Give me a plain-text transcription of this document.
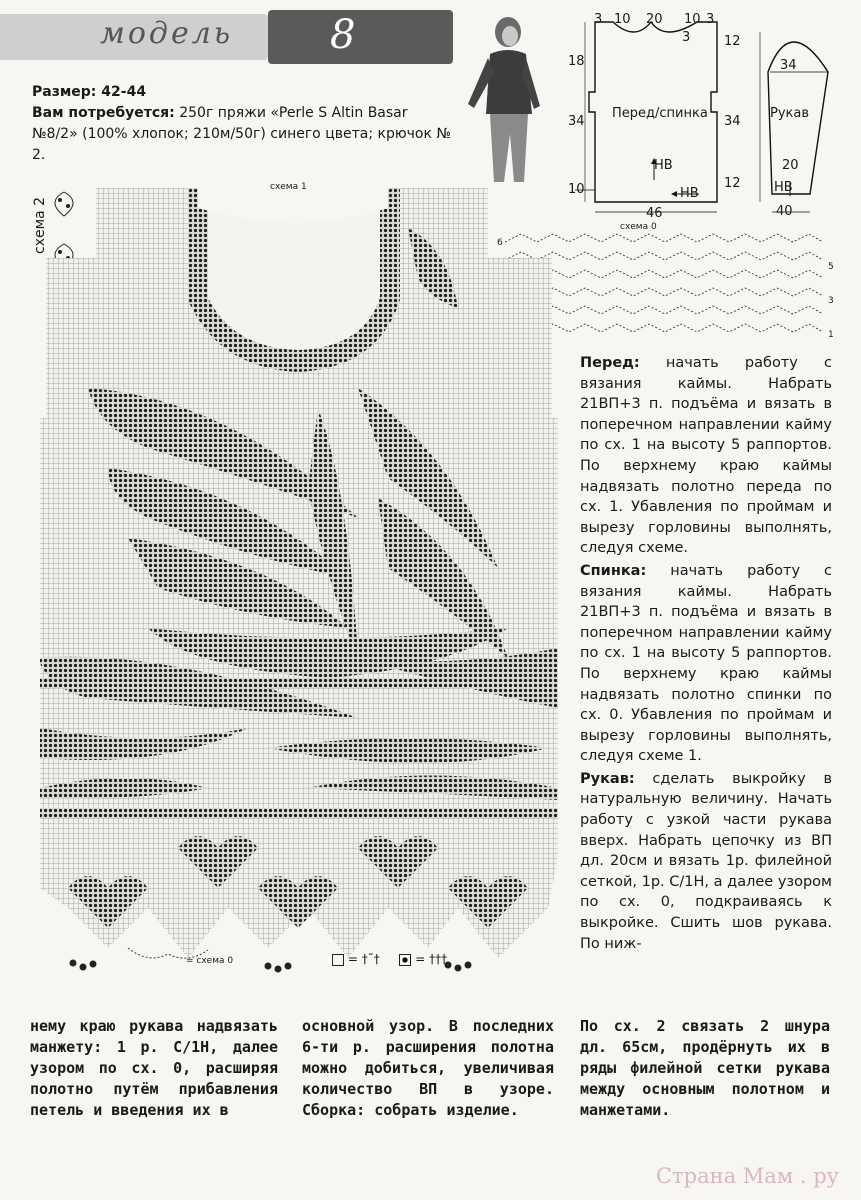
модель 8
Размер: 42-44
Вам потребуется: 250г пряжи «Perle S Altin Basar №8/2» (100% хлопок; 210м/50г) синего цвета; крючок № 2.
3 10 20 10 3
3
18
34
10
Перед/спинка
HB
HB
46
12
34
12
34
Рукав
20
HB
40
схема 0
6
5
3
1
схема 2
схема 1
= схема 0	= †˜†	= †††

Перед: начать работу с вязания каймы. Набрать 21ВП+3 п. подъёма и вязать в поперечном направлении кайму по сх. 1 на высоту 5 раппортов. По верхнему краю каймы надвязать полотно переда по сх. 1. Убавления по проймам и вырезу горловины выполнять, следуя схеме.

Спинка: начать работу с вязания каймы. Набрать 21ВП+3 п. подъёма и вязать в поперечном направлении кайму по сх. 1 на высоту 5 раппортов. По верхнему краю каймы надвязать полотно спинки по сх. 0. Убавления по проймам и вырезу горловины выполнять, следуя схеме 1.

Рукав: сделать выкройку в натуральную величину. Начать работу с узкой части рукава вверх. Набрать цепочку из ВП дл. 20см и вязать 1р. филейной сеткой, 1р. С/1Н, а далее узором по сх. 0, подкраиваясь к выкройке. Сшить шов рукава. По ниж-

нему краю рукава надвязать манжету: 1 р. С/1Н, далее узором по сх. 0, расширяя полотно путём прибавления петель и введения их в
основной узор. В последних 6-ти р. расширения полотна можно добиться, увеличивая количество ВП в узоре. Сборка: собрать изделие.
По сх. 2 связать 2 шнура дл. 65см, продёрнуть их в ряды филейной сетки рукава между основным полотном и манжетами.
Страна Мам . ру
